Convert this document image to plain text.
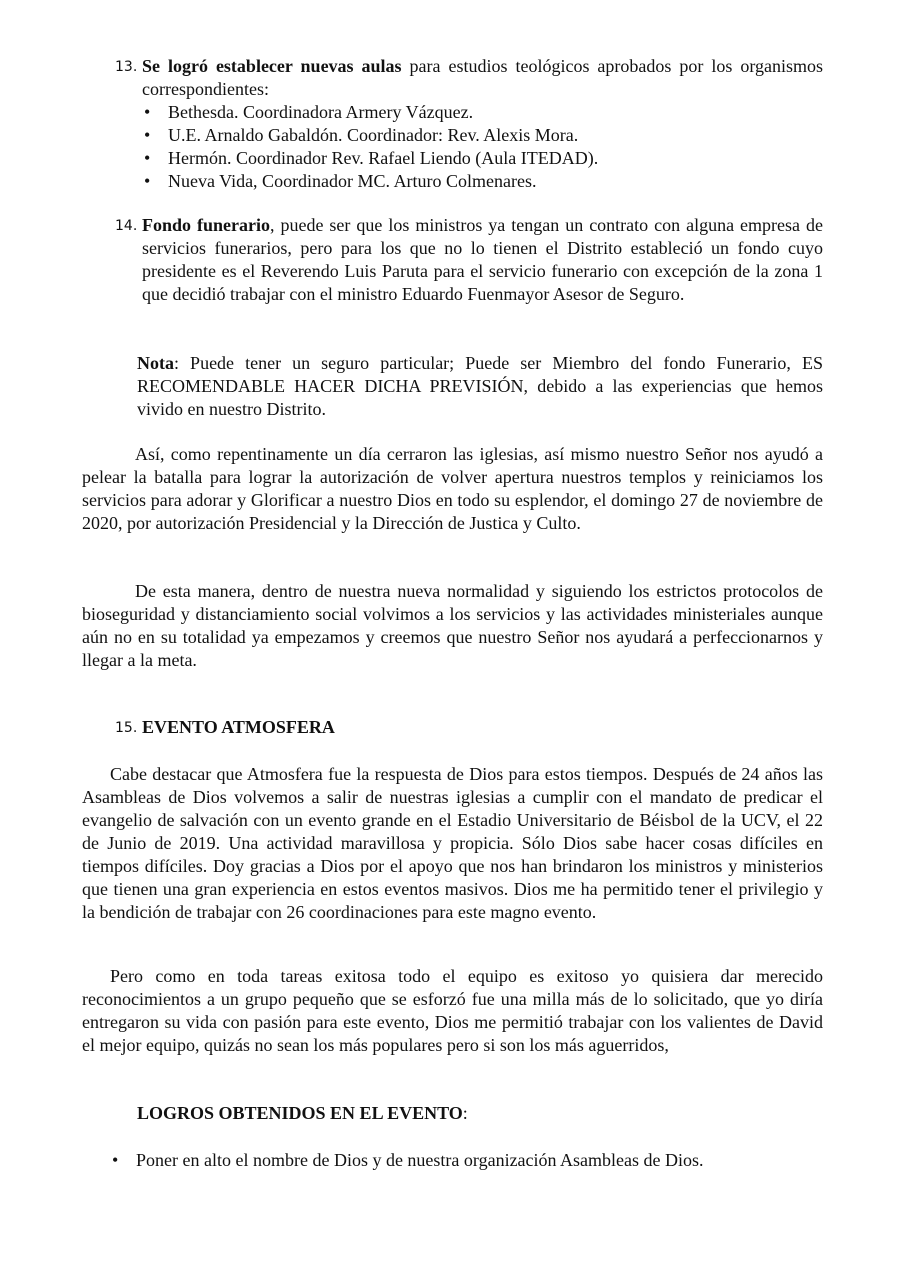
13. Se logró establecer nuevas aulas para estudios teológicos aprobados por los organismos correspondientes:
• Bethesda. Coordinadora Armery Vázquez.
• U.E. Arnaldo Gabaldón. Coordinador: Rev. Alexis Mora.
• Hermón. Coordinador Rev. Rafael Liendo (Aula ITEDAD).
• Nueva Vida, Coordinador MC. Arturo Colmenares.
14. Fondo funerario, puede ser que los ministros ya tengan un contrato con alguna empresa de servicios funerarios, pero para los que no lo tienen el Distrito estableció un fondo cuyo presidente es el Reverendo Luis Paruta para el servicio funerario con excepción de la zona 1 que decidió trabajar con el ministro Eduardo Fuenmayor Asesor de Seguro.
Nota: Puede tener un seguro particular; Puede ser Miembro del fondo Funerario, ES RECOMENDABLE HACER DICHA PREVISIÓN, debido a las experiencias que hemos vivido en nuestro Distrito.
Así, como repentinamente un día cerraron las iglesias, así mismo nuestro Señor nos ayudó a pelear la batalla para lograr la autorización de volver apertura nuestros templos y reiniciamos los servicios para adorar y Glorificar a nuestro Dios en todo su esplendor, el domingo 27 de noviembre de 2020, por autorización Presidencial y la Dirección de Justica y Culto.
De esta manera, dentro de nuestra nueva normalidad y siguiendo los estrictos protocolos de bioseguridad y distanciamiento social volvimos a los servicios y las actividades ministeriales aunque aún no en su totalidad ya empezamos y creemos que nuestro Señor nos ayudará a perfeccionarnos y llegar a la meta.
15. EVENTO ATMOSFERA
Cabe destacar que Atmosfera fue la respuesta de Dios para estos tiempos. Después de 24 años las Asambleas de Dios volvemos a salir de nuestras iglesias a cumplir con el mandato de predicar el evangelio de salvación con un evento grande en el Estadio Universitario de Béisbol de la UCV, el 22 de Junio de 2019. Una actividad maravillosa y propicia. Sólo Dios sabe hacer cosas difíciles en tiempos difíciles. Doy gracias a Dios por el apoyo que nos han brindaron los ministros y ministerios que tienen una gran experiencia en estos eventos masivos. Dios me ha permitido tener el privilegio y la bendición de trabajar con 26 coordinaciones para este magno evento.
Pero como en toda tareas exitosa todo el equipo es exitoso yo quisiera dar merecido reconocimientos a un grupo pequeño que se esforzó fue una milla más de lo solicitado, que yo diría entregaron su vida con pasión para este evento, Dios me permitió trabajar con los valientes de David el mejor equipo, quizás no sean los más populares pero si son los más aguerridos,
LOGROS OBTENIDOS EN EL EVENTO:
• Poner en alto el nombre de Dios y de nuestra organización Asambleas de Dios.
